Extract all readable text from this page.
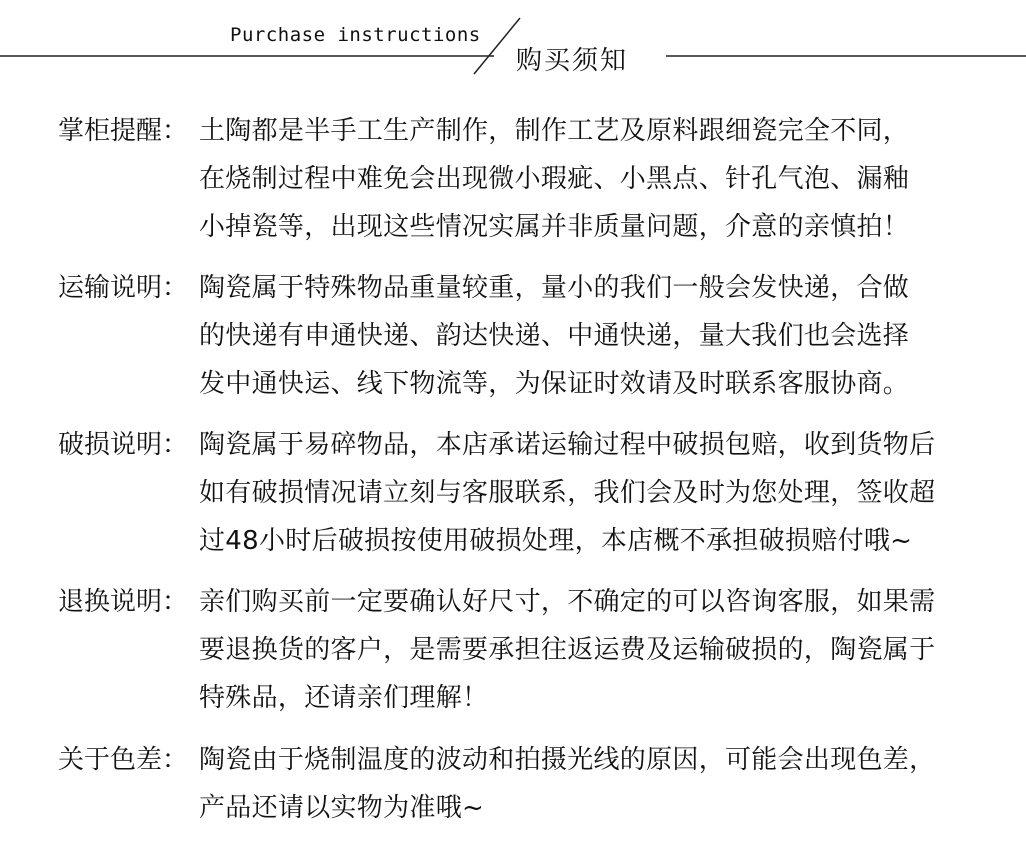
Purchase instructions
购买须知
掌柜提醒： 土陶都是半手工生产制作，制作工艺及原料跟细瓷完全不同，
在烧制过程中难免会出现微小瑕疵、小黑点、针孔气泡、漏釉
小掉瓷等，出现这些情况实属并非质量问题，介意的亲慎拍！
运输说明： 陶瓷属于特殊物品重量较重，量小的我们一般会发快递，合做
的快递有申通快递、韵达快递、中通快递，量大我们也会选择
发中通快运、线下物流等，为保证时效请及时联系客服协商。
破损说明： 陶瓷属于易碎物品，本店承诺运输过程中破损包赔，收到货物后
如有破损情况请立刻与客服联系，我们会及时为您处理，签收超
过48小时后破损按使用破损处理，本店概不承担破损赔付哦~
退换说明： 亲们购买前一定要确认好尺寸，不确定的可以咨询客服，如果需
要退换货的客户，是需要承担往返运费及运输破损的，陶瓷属于
特殊品，还请亲们理解！
关于色差： 陶瓷由于烧制温度的波动和拍摄光线的原因，可能会出现色差，
产品还请以实物为准哦~
